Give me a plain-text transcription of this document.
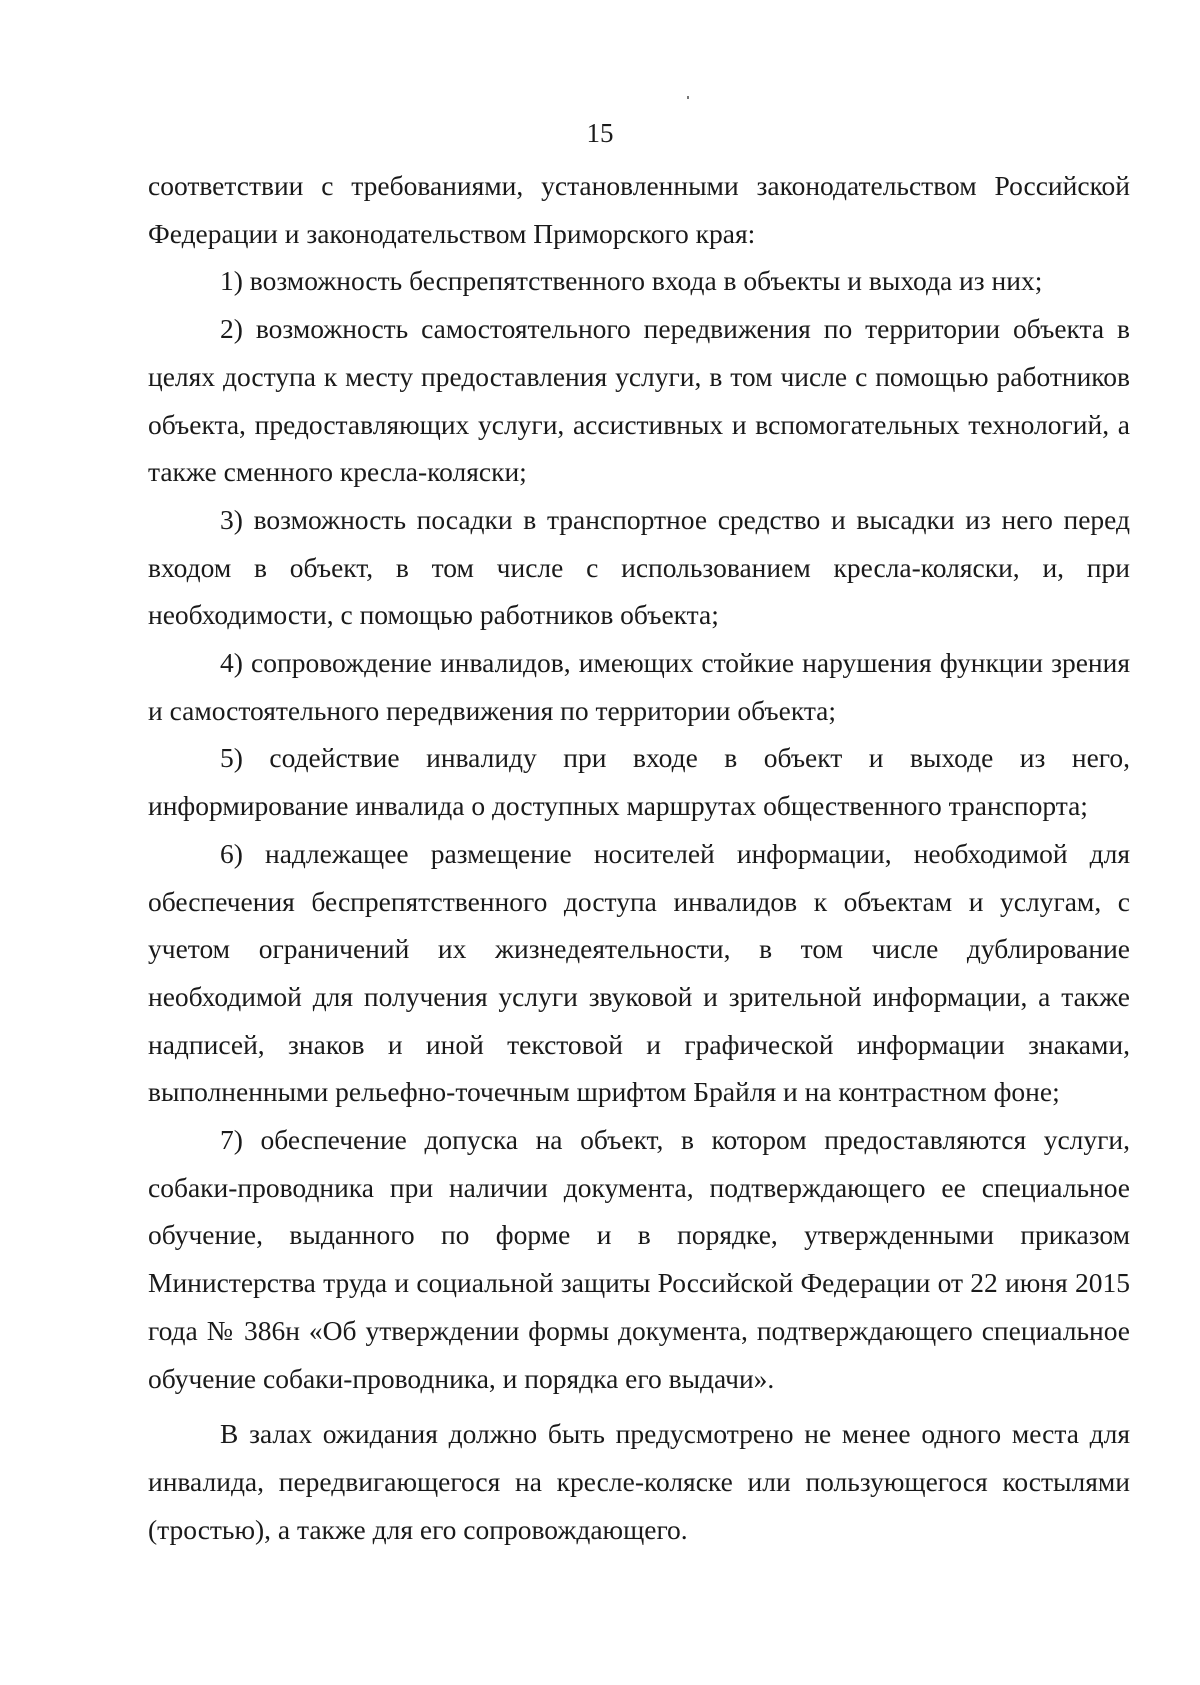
15

соответствии с требованиями, установленными законодательством Российской Федерации и законодательством Приморского края:

1) возможность беспрепятственного входа в объекты и выхода из них;

2) возможность самостоятельного передвижения по территории объекта в целях доступа к месту предоставления услуги, в том числе с помощью работников объекта, предоставляющих услуги, ассистивных и вспомогательных технологий, а также сменного кресла-коляски;

3) возможность посадки в транспортное средство и высадки из него перед входом в объект, в том числе с использованием кресла-коляски, и, при необходимости, с помощью работников объекта;

4) сопровождение инвалидов, имеющих стойкие нарушения функции зрения и самостоятельного передвижения по территории объекта;

5) содействие инвалиду при входе в объект и выходе из него, информирование инвалида о доступных маршрутах общественного транспорта;

6) надлежащее размещение носителей информации, необходимой для обеспечения беспрепятственного доступа инвалидов к объектам и услугам, с учетом ограничений их жизнедеятельности, в том числе дублирование необходимой для получения услуги звуковой и зрительной информации, а также надписей, знаков и иной текстовой и графической информации знаками, выполненными рельефно-точечным шрифтом Брайля и на контрастном фоне;

7) обеспечение допуска на объект, в котором предоставляются услуги, собаки-проводника при наличии документа, подтверждающего ее специальное обучение, выданного по форме и в порядке, утвержденными приказом Министерства труда и социальной защиты Российской Федерации от 22 июня 2015 года № 386н «Об утверждении формы документа, подтверждающего специальное обучение собаки-проводника, и порядка его выдачи».

В залах ожидания должно быть предусмотрено не менее одного места для инвалида, передвигающегося на кресле-коляске или пользующегося костылями (тростью), а также для его сопровождающего.
